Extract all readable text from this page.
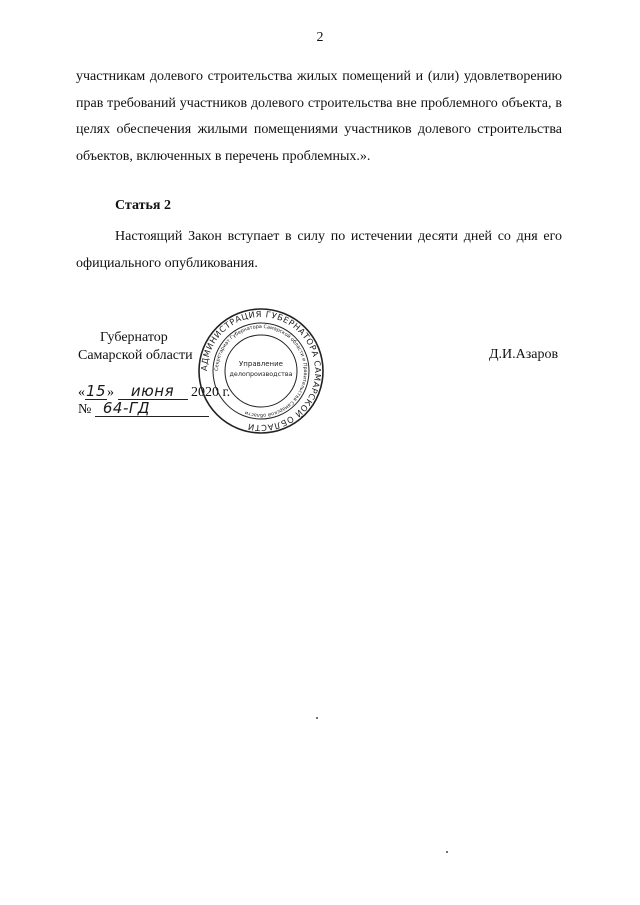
2

участникам долевого строительства жилых помещений и (или) удовлетворению прав требований участников долевого строительства вне проблемного объекта, в целях обеспечения жилыми помещениями участников долевого строительства объектов, включенных в перечень проблемных.».

Статья 2

Настоящий Закон вступает в силу по истечении десяти дней со дня его официального опубликования.

Губернатор
Самарской области	Д.И.Азаров
«15» июня 2020 г.
№ 64-ГД
АДМИНИСТРАЦИЯ ГУБЕРНАТОРА САМАРСКОЙ ОБЛАСТИ
Секретариат Губернатора Самарской области и Правительства Самарской области
Управление
делопроизводства
